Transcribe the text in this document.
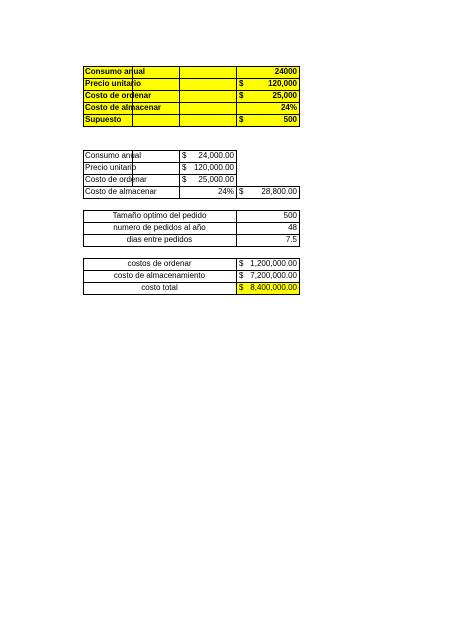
Consumo anual	24000
Precio unitario	$	120,000
Costo de ordenar	$	25,000
Costo de almacenar	24%
Supuesto	$	500
Consumo anual	$	24,000.00
Precio unitario	$ 120,000.00
Costo de ordenar	$	25,000.00
Costo de almacenar	24% $	28,800.00
Tamaño optimo del pedido	500
numero de pedidos al año	48
dias entre pedidos	7.5
costos de ordenar	$ 1,200,000.00
costo de almacenamiento	$ 7,200,000.00
costo total	$ 8,400,000.00
